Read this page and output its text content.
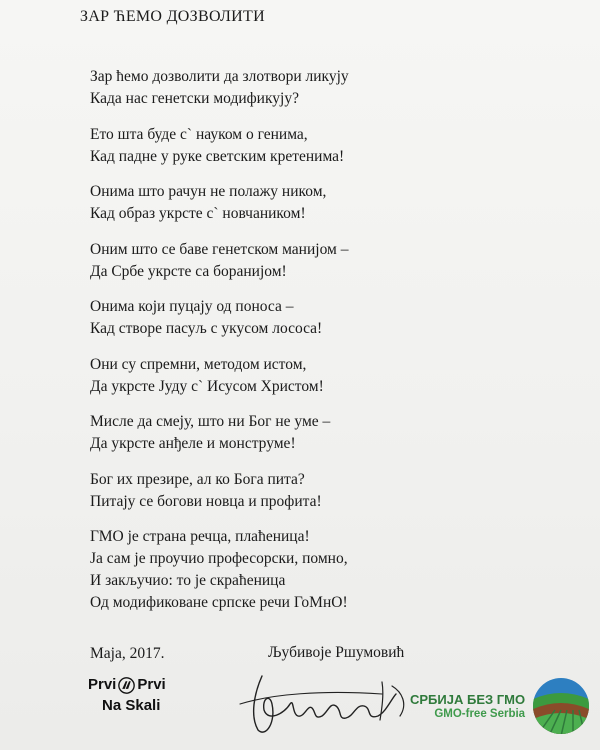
ЗАР ЋЕМО ДОЗВОЛИТИ
Зар ћемо дозволити да злотвори ликују
Када нас генетски модификују?
Ето шта буде с` науком о генима,
Кад падне у руке светским кретенима!
Онима што рачун не полажу ником,
Кад образ укрсте с` новчаником!
Оним што се баве генетском манијом –
Да Србе укрсте са боранијом!
Онима који пуцају од поноса –
Кад створе пасуљ с укусом лососа!
Они су спремни, методом истом,
Да укрсте Јуду с` Исусом Христом!
Мисле да смеју, што ни Бог не уме –
Да укрсте анђеле и монструме!
Бог их презире, ал ко Бога пита?
Питају се богови новца и профита!
ГМО је страна речца, плаћеница!
Ја сам је проучио професорски, помно,
И закључио: то је скраћеница
Од модификоване српске речи ГоМнО!
Маја, 2017.	Љубивоје Ршумовић
Prvi Prvi
Na Skali	СРБИЈА БЕЗ ГМО
GMO-free Serbia
